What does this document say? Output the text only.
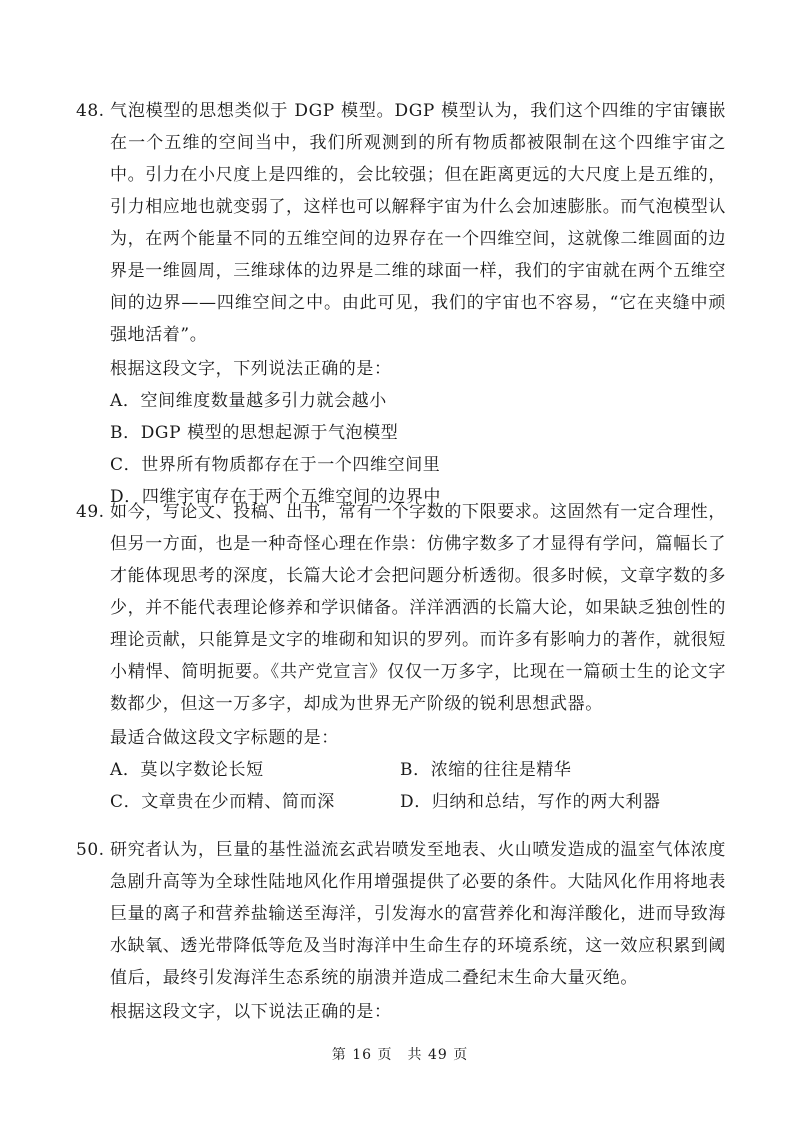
48. 气泡模型的思想类似于 DGP 模型。DGP 模型认为，我们这个四维的宇宙镶嵌在一个五维的空间当中，我们所观测到的所有物质都被限制在这个四维宇宙之中。引力在小尺度上是四维的，会比较强；但在距离更远的大尺度上是五维的，引力相应地也就变弱了，这样也可以解释宇宙为什么会加速膨胀。而气泡模型认为，在两个能量不同的五维空间的边界存在一个四维空间，这就像二维圆面的边界是一维圆周，三维球体的边界是二维的球面一样，我们的宇宙就在两个五维空间的边界——四维空间之中。由此可见，我们的宇宙也不容易，“它在夹缝中顽强地活着”。
根据这段文字，下列说法正确的是：
A．空间维度数量越多引力就会越小
B．DGP 模型的思想起源于气泡模型
C．世界所有物质都存在于一个四维空间里
D．四维宇宙存在于两个五维空间的边界中
49. 如今，写论文、投稿、出书，常有一个字数的下限要求。这固然有一定合理性，但另一方面，也是一种奇怪心理在作祟：仿佛字数多了才显得有学问，篇幅长了才能体现思考的深度，长篇大论才会把问题分析透彻。很多时候，文章字数的多少，并不能代表理论修养和学识储备。洋洋洒洒的长篇大论，如果缺乏独创性的理论贡献，只能算是文字的堆砌和知识的罗列。而许多有影响力的著作，就很短小精悍、简明扼要。《共产党宣言》仅仅一万多字，比现在一篇硕士生的论文字数都少，但这一万多字，却成为世界无产阶级的锐利思想武器。
最适合做这段文字标题的是：
A．莫以字数论长短	B．浓缩的往往是精华
C．文章贵在少而精、简而深	D．归纳和总结，写作的两大利器
50. 研究者认为，巨量的基性溢流玄武岩喷发至地表、火山喷发造成的温室气体浓度急剧升高等为全球性陆地风化作用增强提供了必要的条件。大陆风化作用将地表巨量的离子和营养盐输送至海洋，引发海水的富营养化和海洋酸化，进而导致海水缺氧、透光带降低等危及当时海洋中生命生存的环境系统，这一效应积累到阈值后，最终引发海洋生态系统的崩溃并造成二叠纪末生命大量灭绝。
根据这段文字，以下说法正确的是：
第 16 页　共 49 页
